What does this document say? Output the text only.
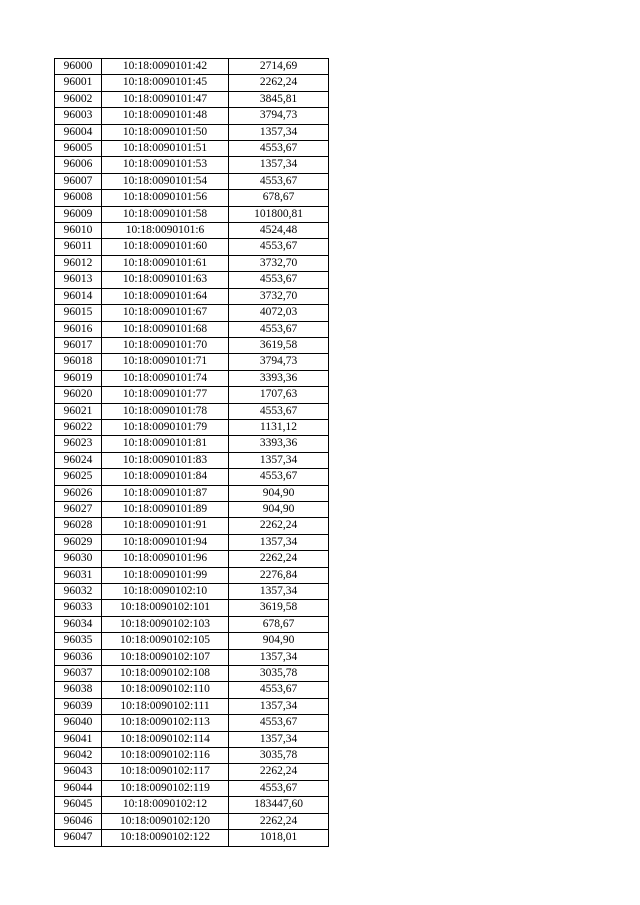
96000	10:18:0090101:42	2714,69
96001	10:18:0090101:45	2262,24
96002	10:18:0090101:47	3845,81
96003	10:18:0090101:48	3794,73
96004	10:18:0090101:50	1357,34
96005	10:18:0090101:51	4553,67
96006	10:18:0090101:53	1357,34
96007	10:18:0090101:54	4553,67
96008	10:18:0090101:56	678,67
96009	10:18:0090101:58	101800,81
96010	10:18:0090101:6	4524,48
96011	10:18:0090101:60	4553,67
96012	10:18:0090101:61	3732,70
96013	10:18:0090101:63	4553,67
96014	10:18:0090101:64	3732,70
96015	10:18:0090101:67	4072,03
96016	10:18:0090101:68	4553,67
96017	10:18:0090101:70	3619,58
96018	10:18:0090101:71	3794,73
96019	10:18:0090101:74	3393,36
96020	10:18:0090101:77	1707,63
96021	10:18:0090101:78	4553,67
96022	10:18:0090101:79	1131,12
96023	10:18:0090101:81	3393,36
96024	10:18:0090101:83	1357,34
96025	10:18:0090101:84	4553,67
96026	10:18:0090101:87	904,90
96027	10:18:0090101:89	904,90
96028	10:18:0090101:91	2262,24
96029	10:18:0090101:94	1357,34
96030	10:18:0090101:96	2262,24
96031	10:18:0090101:99	2276,84
96032	10:18:0090102:10	1357,34
96033	10:18:0090102:101	3619,58
96034	10:18:0090102:103	678,67
96035	10:18:0090102:105	904,90
96036	10:18:0090102:107	1357,34
96037	10:18:0090102:108	3035,78
96038	10:18:0090102:110	4553,67
96039	10:18:0090102:111	1357,34
96040	10:18:0090102:113	4553,67
96041	10:18:0090102:114	1357,34
96042	10:18:0090102:116	3035,78
96043	10:18:0090102:117	2262,24
96044	10:18:0090102:119	4553,67
96045	10:18:0090102:12	183447,60
96046	10:18:0090102:120	2262,24
96047	10:18:0090102:122	1018,01
